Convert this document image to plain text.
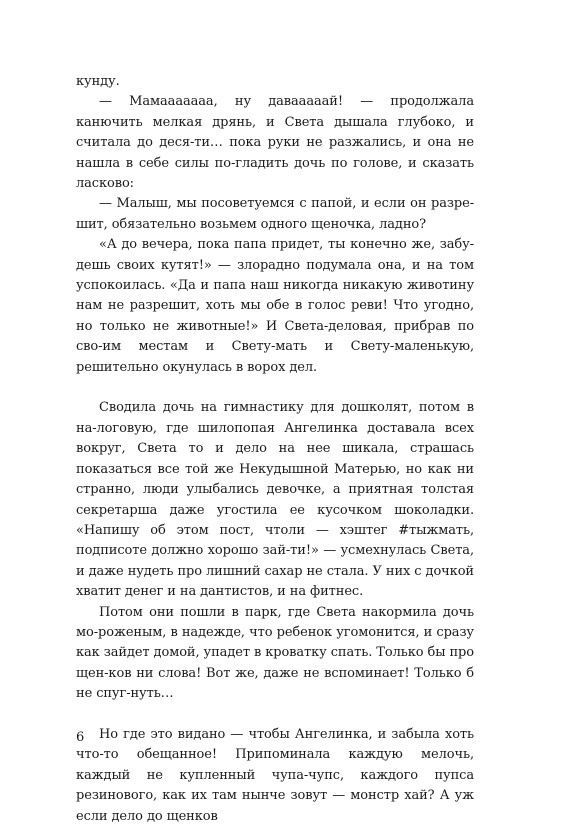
кунду.

— Мамааааааа, ну давааааай! — продолжала канючить мелкая дрянь, и Света дышала глубоко, и считала до деся-ти… пока руки не разжались, и она не нашла в себе силы по-гладить дочь по голове, и сказать ласково:

— Малыш, мы посоветуемся с папой, и если он разре-шит, обязательно возьмем одного щеночка, ладно?

«А до вечера, пока папа придет, ты конечно же, забу-дешь своих кутят!» — злорадно подумала она, и на том успокоилась. «Да и папа наш никогда никакую животину нам не разрешит, хоть мы обе в голос реви! Что угодно, но только не животные!» И Света-деловая, прибрав по сво-им местам и Свету-мать и Свету-маленькую, решительно окунулась в ворох дел.

Сводила дочь на гимнастику для дошколят, потом в на-логовую, где шилопопая Ангелинка доставала всех вокруг, Света то и дело на нее шикала, страшась показаться все той же Некудышной Матерью, но как ни странно, люди улыбались девочке, а приятная толстая секретарша даже угостила ее кусочком шоколадки. «Напишу об этом пост, чтоли — хэштег #тыжмать, подписоте должно хорошо зай-ти!» — усмехнулась Света, и даже нудеть про лишний сахар не стала. У них с дочкой хватит денег и на дантистов, и на фитнес.

Потом они пошли в парк, где Света накормила дочь мо-роженым, в надежде, что ребенок угомонится, и сразу как зайдет домой, упадет в кроватку спать. Только бы про щен-ков ни слова! Вот же, даже не вспоминает! Только б не спуг-нуть…

Но где это видано — чтобы Ангелинка, и забыла хоть что-то обещанное! Припоминала каждую мелочь, каждый не купленный чупа-чупс, каждого пупса резинового, как их там нынче зовут — монстр хай? А уж если дело до щенков

6
